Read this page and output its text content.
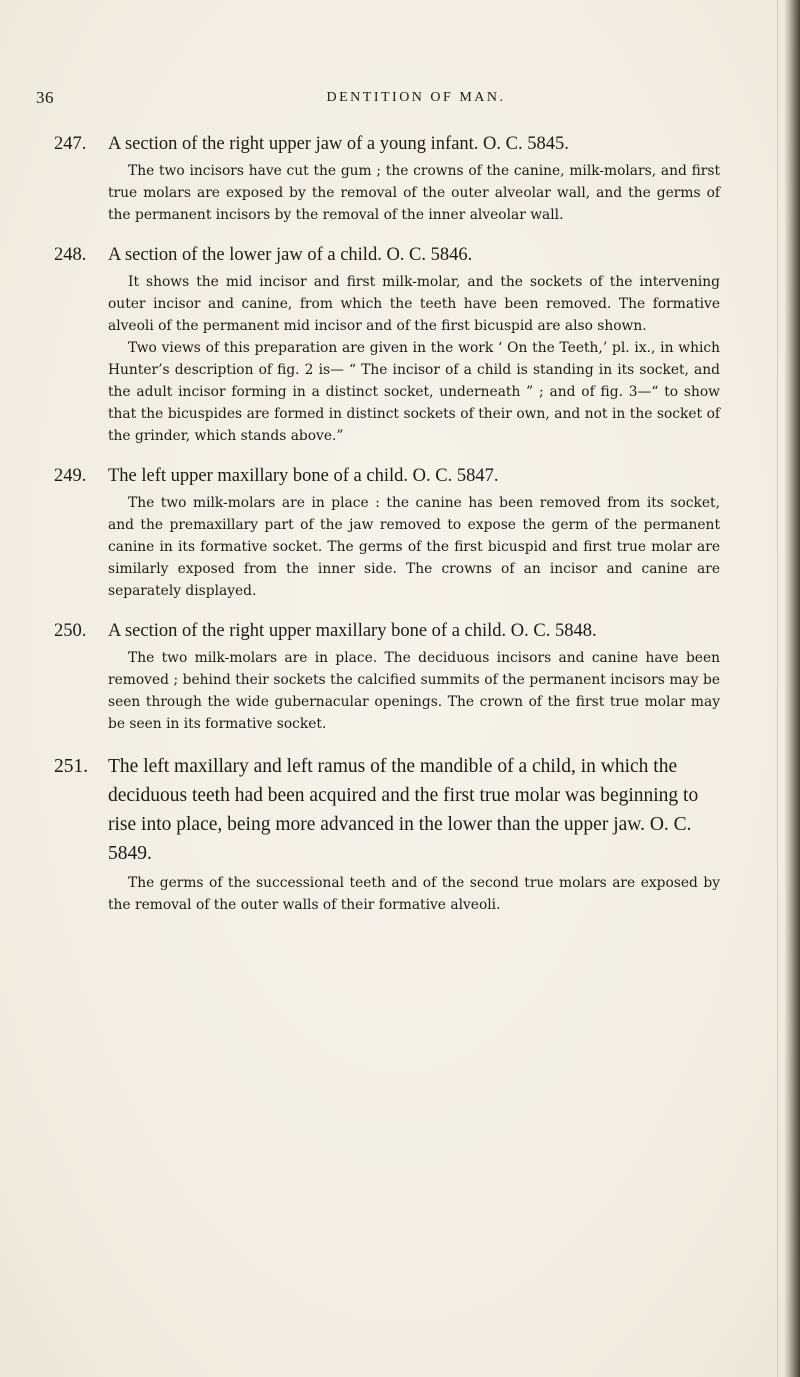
36	DENTITION OF MAN.
247. A section of the right upper jaw of a young infant. O. C. 5845.

The two incisors have cut the gum ; the crowns of the canine, milk-molars, and first true molars are exposed by the removal of the outer alveolar wall, and the germs of the permanent incisors by the removal of the inner alveolar wall.

248. A section of the lower jaw of a child. O. C. 5846.

It shows the mid incisor and first milk-molar, and the sockets of the intervening outer incisor and canine, from which the teeth have been removed. The formative alveoli of the permanent mid incisor and of the first bicuspid are also shown.

Two views of this preparation are given in the work ‘ On the Teeth,’ pl. ix., in which Hunter’s description of fig. 2 is— “ The incisor of a child is standing in its socket, and the adult incisor forming in a distinct socket, underneath ” ; and of fig. 3—“ to show that the bicuspides are formed in distinct sockets of their own, and not in the socket of the grinder, which stands above.”

249. The left upper maxillary bone of a child. O. C. 5847.

The two milk-molars are in place : the canine has been removed from its socket, and the premaxillary part of the jaw removed to expose the germ of the permanent canine in its formative socket. The germs of the first bicuspid and first true molar are similarly exposed from the inner side. The crowns of an incisor and canine are separately displayed.

250. A section of the right upper maxillary bone of a child. O. C. 5848.

The two milk-molars are in place. The deciduous incisors and canine have been removed ; behind their sockets the calcified summits of the permanent incisors may be seen through the wide gubernacular openings. The crown of the first true molar may be seen in its formative socket.

251. The left maxillary and left ramus of the mandible of a child, in which the deciduous teeth had been acquired and the first true molar was beginning to rise into place, being more advanced in the lower than the upper jaw. O. C. 5849.

The germs of the successional teeth and of the second true molars are exposed by the removal of the outer walls of their formative alveoli.
